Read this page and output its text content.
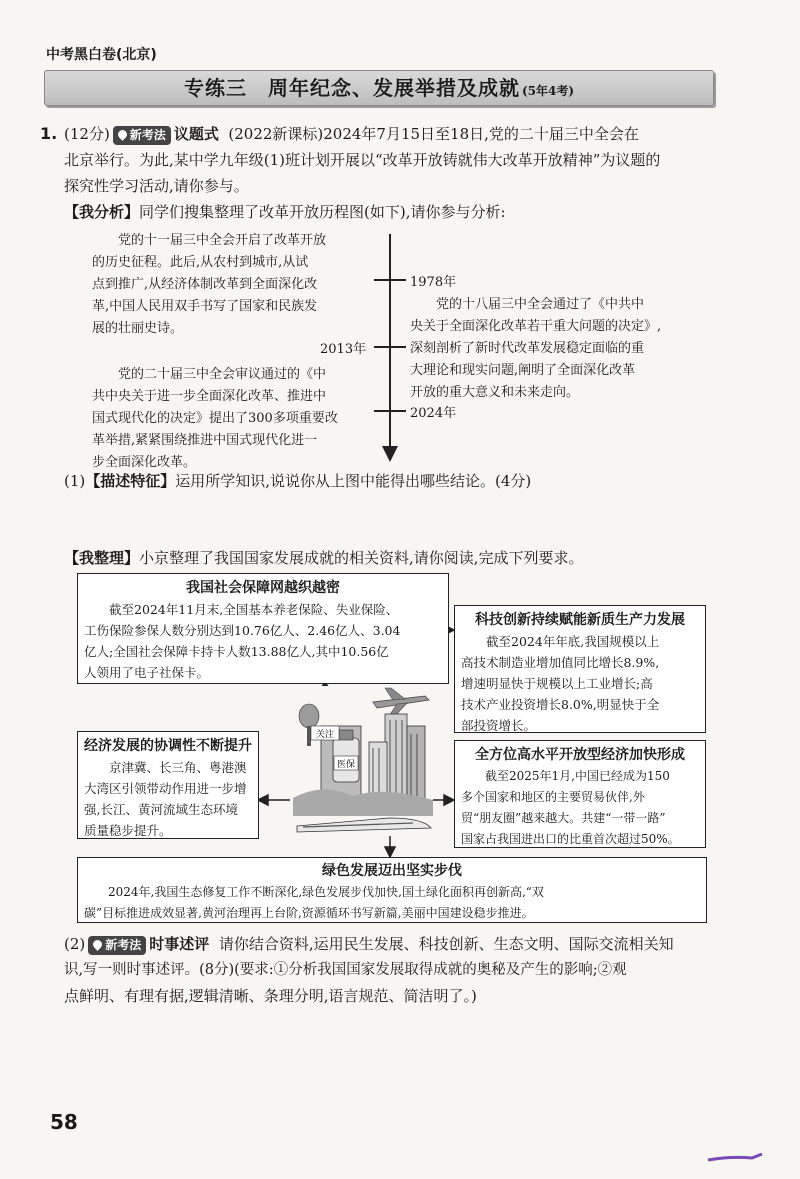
中考黑白卷(北京)
专练三　周年纪念、发展举措及成就 (5年4考)
1. (12分) 新考法 议题式 (2022新课标)2024年7月15日至18日,党的二十届三中全会在
北京举行。为此,某中学九年级(1)班计划开展以“改革开放铸就伟大改革开放精神”为议题的
探究性学习活动,请你参与。
【我分析】同学们搜集整理了改革开放历程图(如下),请你参与分析:
党的十一届三中全会开启了改革开放
的历史征程。此后,从农村到城市,从试
点到推广,从经济体制改革到全面深化改
革,中国人民用双手书写了国家和民族发
展的壮丽史诗。
1978年
2013年
党的十八届三中全会通过了《中共中
央关于全面深化改革若干重大问题的决定》,
深刻剖析了新时代改革发展稳定面临的重
大理论和现实问题,阐明了全面深化改革
开放的重大意义和未来走向。
党的二十届三中全会审议通过的《中
共中央关于进一步全面深化改革、推进中
国式现代化的决定》提出了300多项重要改
革举措,紧紧围绕推进中国式现代化进一
步全面深化改革。
2024年
(1)【描述特征】运用所学知识,说说你从上图中能得出哪些结论。(4分)
【我整理】小京整理了我国国家发展成就的相关资料,请你阅读,完成下列要求。
我国社会保障网越织越密
截至2024年11月末,全国基本养老保险、失业保险、
工伤保险参保人数分别达到10.76亿人、2.46亿人、3.04
亿人;全国社会保障卡持卡人数13.88亿人,其中10.56亿
人领用了电子社保卡。
科技创新持续赋能新质生产力发展
截至2024年年底,我国规模以上
高技术制造业增加值同比增长8.9%,
增速明显快于规模以上工业增长;高
技术产业投资增长8.0%,明显快于全
部投资增长。
经济发展的协调性不断提升
京津冀、长三角、粤港澳
大湾区引领带动作用进一步增
强,长江、黄河流域生态环境
质量稳步提升。
全方位高水平开放型经济加快形成
截至2025年1月,中国已经成为150
多个国家和地区的主要贸易伙伴,外
贸“朋友圈”越来越大。共建“一带一路”
国家占我国进出口的比重首次超过50%。
关注
医保
绿色发展迈出坚实步伐
2024年,我国生态修复工作不断深化,绿色发展步伐加快,国土绿化面积再创新高,“双
碳”目标推进成效显著,黄河治理再上台阶,资源循环书写新篇,美丽中国建设稳步推进。
(2) 新考法 时事述评 请你结合资料,运用民生发展、科技创新、生态文明、国际交流相关知
识,写一则时事述评。(8分)(要求:①分析我国国家发展取得成就的奥秘及产生的影响;②观
点鲜明、有理有据,逻辑清晰、条理分明,语言规范、简洁明了。)
58
